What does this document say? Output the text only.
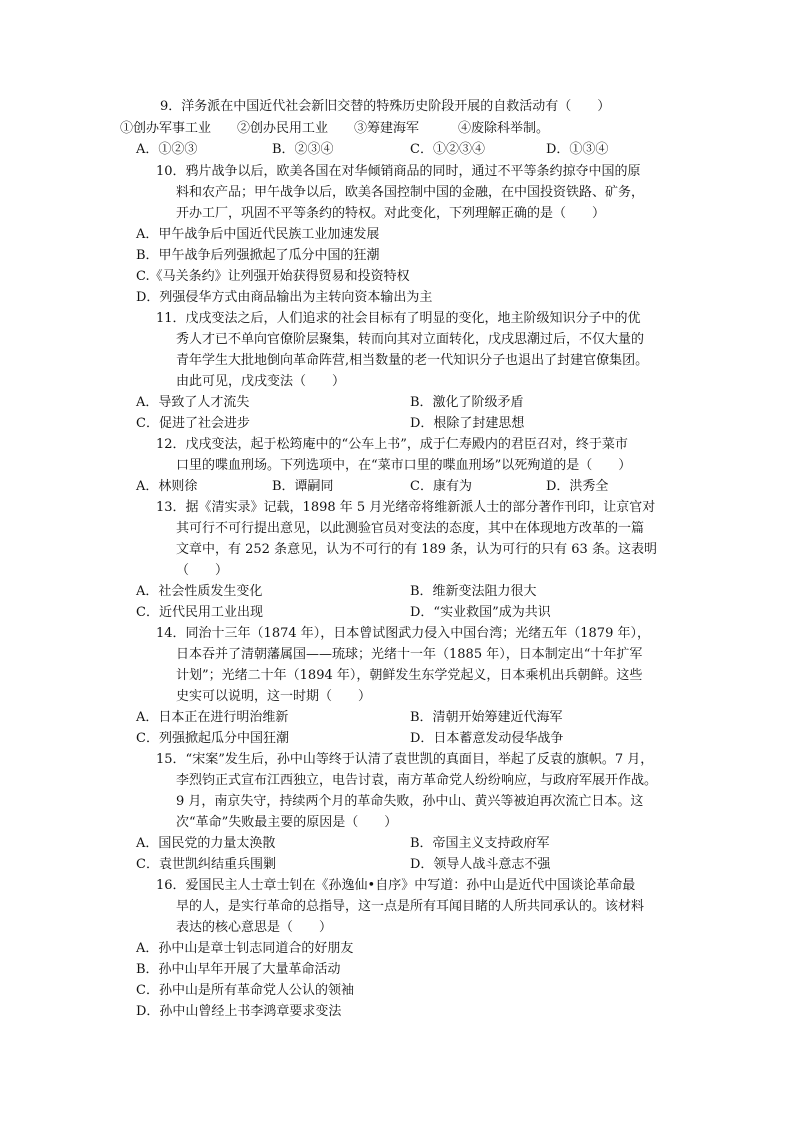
9．洋务派在中国近代社会新旧交替的特殊历史阶段开展的自救活动有（　　）
①创办军事工业　　②创办民用工业　　③筹建海军　　　④废除科举制。
A．①②③	B．②③④	C．①②③④	D．①③④
10．鸦片战争以后，欧美各国在对华倾销商品的同时，通过不平等条约掠夺中国的原
料和农产品；甲午战争以后，欧美各国控制中国的金融，在中国投资铁路、矿务，
开办工厂，巩固不平等条约的特权。对此变化，下列理解正确的是（　　）
A．甲午战争后中国近代民族工业加速发展
B．甲午战争后列强掀起了瓜分中国的狂潮
C.《马关条约》让列强开始获得贸易和投资特权
D．列强侵华方式由商品输出为主转向资本输出为主
11．戊戌变法之后，人们追求的社会目标有了明显的变化，地主阶级知识分子中的优
秀人才已不单向官僚阶层聚集，转而向其对立面转化，戊戌思潮过后，不仅大量的
青年学生大批地倒向革命阵营,相当数量的老一代知识分子也退出了封建官僚集团。
由此可见，戊戌变法（　　）
A．导致了人才流失	B．激化了阶级矛盾
C．促进了社会进步	D．根除了封建思想
12．戊戌变法，起于松筠庵中的“公车上书”，成于仁寿殿内的君臣召对，终于菜市
口里的喋血刑场。下列选项中，在“菜市口里的喋血刑场”以死殉道的是（　　）
A．林则徐	B．谭嗣同	C．康有为	D．洪秀全
13．据《清实录》记载，1898 年 5 月光绪帝将维新派人士的部分著作刊印，让京官对
其可行不可行提出意见，以此测验官员对变法的态度，其中在体现地方改革的一篇
文章中，有 252 条意见，认为不可行的有 189 条，认为可行的只有 63 条。这表明
（　　）
A．社会性质发生变化	B．维新变法阻力很大
C．近代民用工业出现	D．“实业救国”成为共识
14．同治十三年（1874 年），日本曾试图武力侵入中国台湾；光绪五年（1879 年），
日本吞并了清朝藩属国——琉球；光绪十一年（1885 年），日本制定出“十年扩军
计划”；光绪二十年（1894 年），朝鲜发生东学党起义，日本乘机出兵朝鲜。这些
史实可以说明，这一时期（　　）
A．日本正在进行明治维新	B．清朝开始筹建近代海军
C．列强掀起瓜分中国狂潮	D．日本蓄意发动侵华战争
15．“宋案”发生后，孙中山等终于认清了袁世凯的真面目，举起了反袁的旗帜。7 月，
李烈钧正式宣布江西独立，电告讨袁，南方革命党人纷纷响应，与政府军展开作战。
9 月，南京失守，持续两个月的革命失败，孙中山、黄兴等被迫再次流亡日本。这
次“革命”失败最主要的原因是（　　）
A．国民党的力量太涣散	B．帝国主义支持政府军
C．袁世凯纠结重兵围剿	D．领导人战斗意志不强
16．爱国民主人士章士钊在《孙逸仙•自序》中写道：孙中山是近代中国谈论革命最
早的人，是实行革命的总指导，这一点是所有耳闻目睹的人所共同承认的。该材料
表达的核心意思是（　　）
A．孙中山是章士钊志同道合的好朋友
B．孙中山早年开展了大量革命活动
C．孙中山是所有革命党人公认的领袖
D．孙中山曾经上书李鸿章要求变法
